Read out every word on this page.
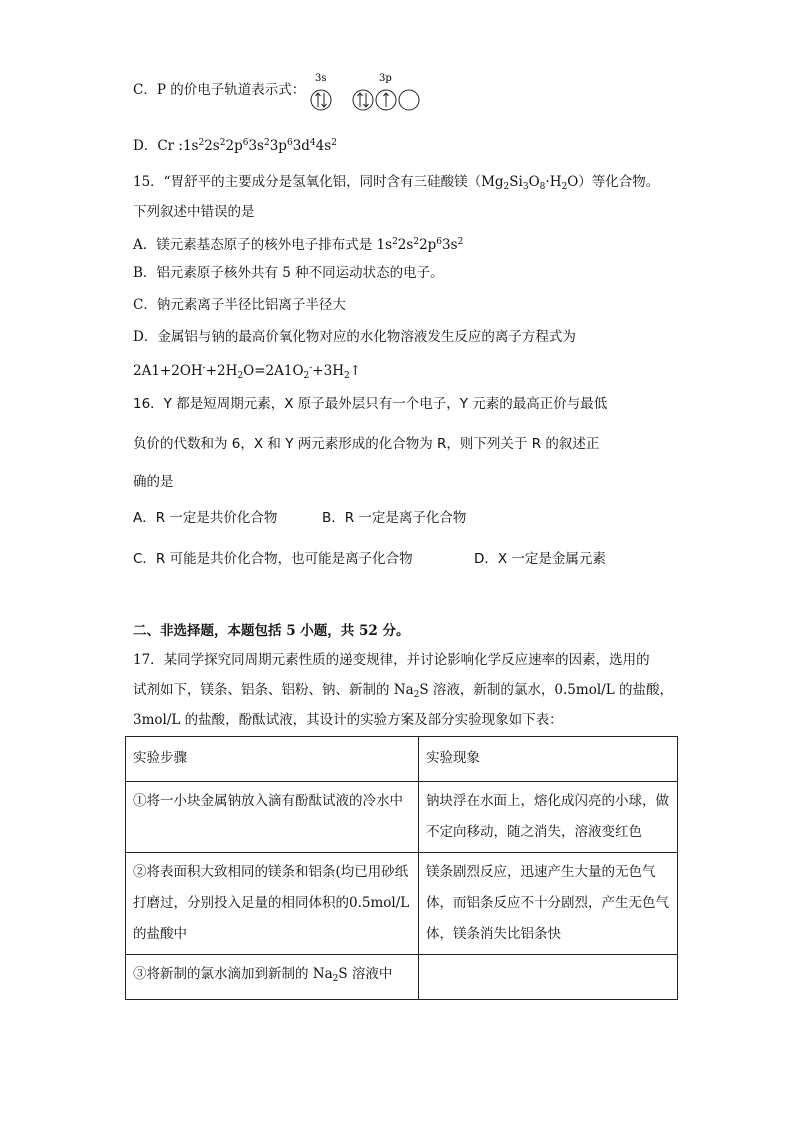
C．P 的价电子轨道表示式：
3s	3p
D．Cr $:1s^22s^22p^63s^23p^63d^44s^2$
15．“胃舒平的主要成分是氢氧化铝，同时含有三硅酸镁$(Mg_2Si_3O_8\cdot H_2O)$等化合物。
下列叙述中错误的是
A．镁元素基态原子的核外电子排布式是 $1s^22s^22p^63s^2$
B．铝元素原子核外共有 5 种不同运动状态的电子。
C．钠元素离子半径比铝离子半径大
D．金属铝与钠的最高价氧化物对应的水化物溶液发生反应的离子方程式为
$2A1+2OH^-+2H_2O=2A1O_2^-+3H_2↑$
16．Y 都是短周期元素，X 原子最外层只有一个电子，Y 元素的最高正价与最低
负价的代数和为 6，X 和 Y 两元素形成的化合物为 R，则下列关于 R 的叙述正
确的是
A．R 一定是共价化合物	B．R 一定是离子化合物
C．R 可能是共价化合物，也可能是离子化合物	D．X 一定是金属元素
二、非选择题，本题包括 5 小题，共 52 分。
17．某同学探究同周期元素性质的递变规律，并讨论影响化学反应速率的因素，选用的
试剂如下，镁条、铝条、铝粉、钠、新制的 $Na_2S$ 溶液，新制的氯水，0.5mol/L 的盐酸，
3mol/L 的盐酸，酚酞试液，其设计的实验方案及部分实验现象如下表：
实验步骤	实验现象
①将一小块金属钠放入滴有酚酞试液的冷水中	钠块浮在水面上，熔化成闪亮的小球，做不定向移动，随之消失，溶液变红色
②将表面积大致相同的镁条和铝条(均已用砂纸打磨过，分别投入足量的相同体积的0.5mol/L 的盐酸中	镁条剧烈反应，迅速产生大量的无色气体，而铝条反应不十分剧烈，产生无色气体，镁条消失比铝条快
③将新制的氯水滴加到新制的 $Na_2S$ 溶液中	
